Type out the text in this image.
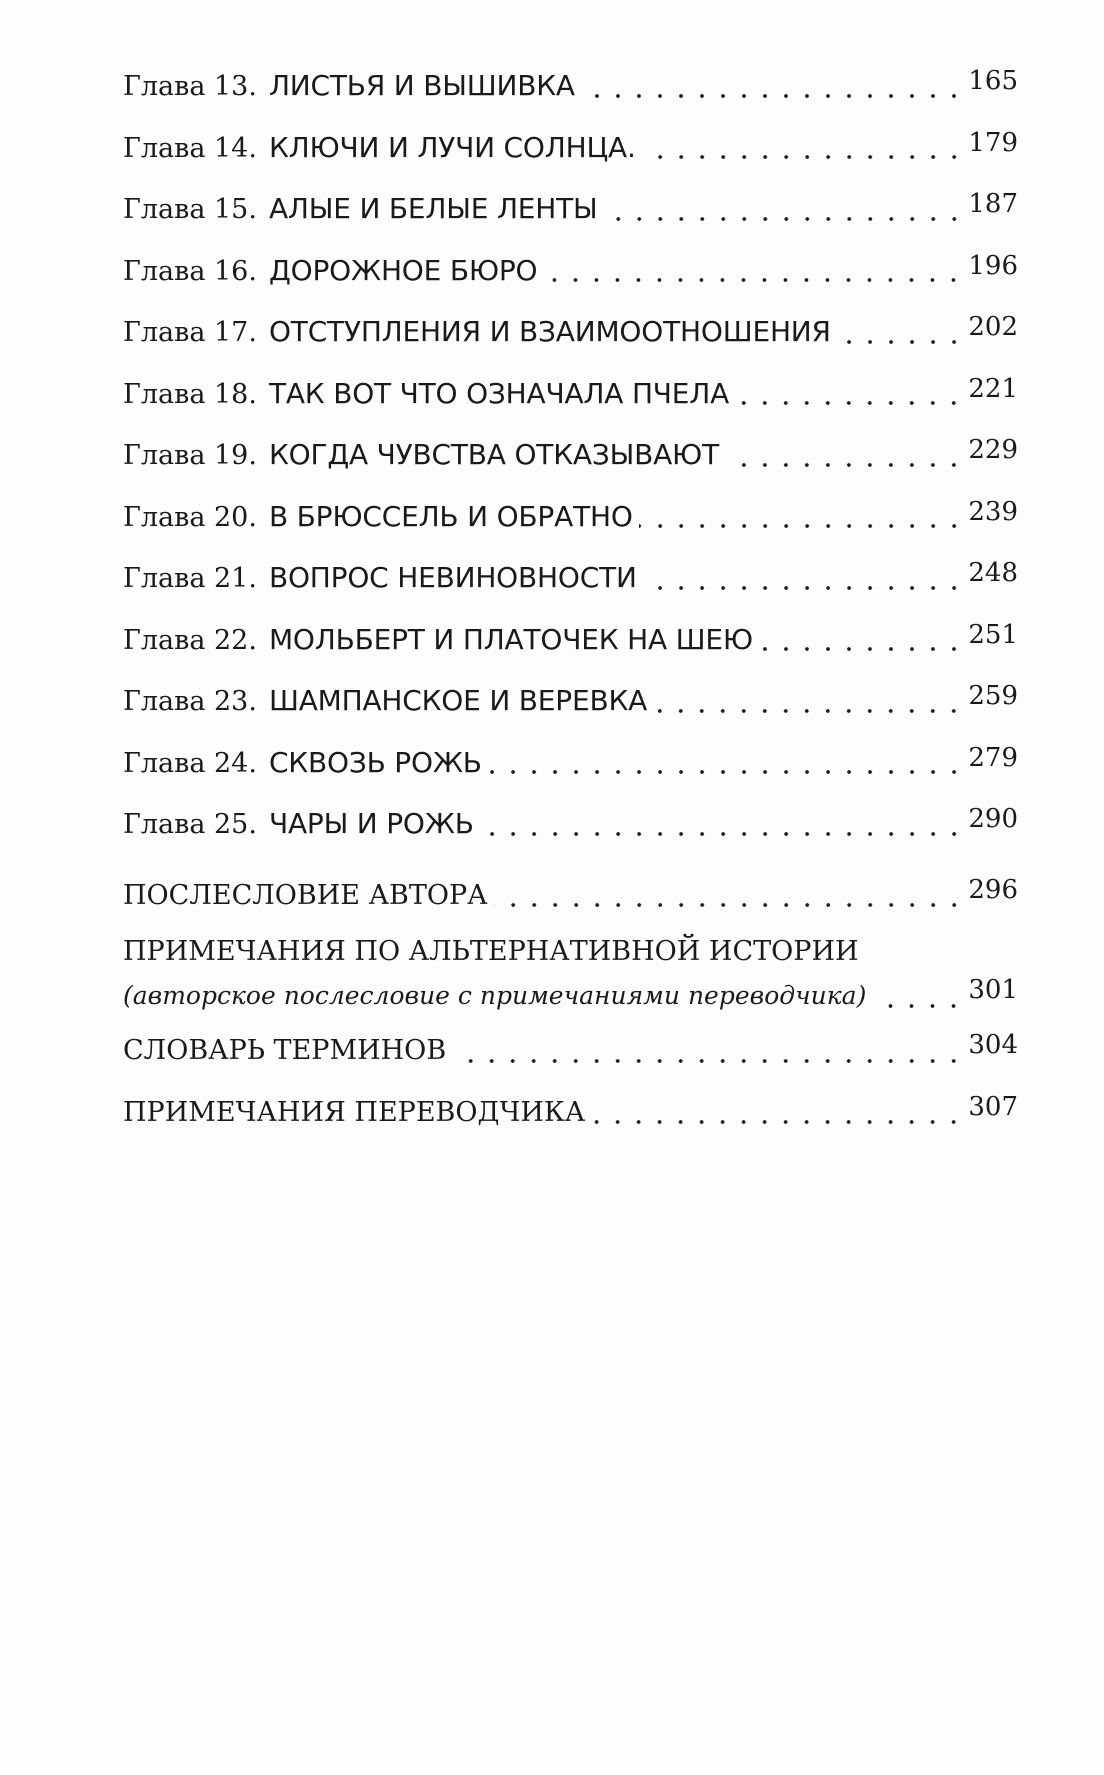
Глава 13. ЛИСТЬЯ И ВЫШИВКА	165
Глава 14. КЛЮЧИ И ЛУЧИ СОЛНЦА.	179
Глава 15. АЛЫЕ И БЕЛЫЕ ЛЕНТЫ	187
Глава 16. ДОРОЖНОЕ БЮРО	196
Глава 17. ОТСТУПЛЕНИЯ И ВЗАИМООТНОШЕНИЯ	202
Глава 18. ТАК ВОТ ЧТО ОЗНАЧАЛА ПЧЕЛА	221
Глава 19. КОГДА ЧУВСТВА ОТКАЗЫВАЮТ	229
Глава 20. В БРЮССЕЛЬ И ОБРАТНО	239
Глава 21. ВОПРОС НЕВИНОВНОСТИ	248
Глава 22. МОЛЬБЕРТ И ПЛАТОЧЕК НА ШЕЮ	251
Глава 23. ШАМПАНСКОЕ И ВЕРЕВКА	259
Глава 24. СКВОЗЬ РОЖЬ	279
Глава 25. ЧАРЫ И РОЖЬ	290
ПОСЛЕСЛОВИЕ АВТОРА	296
ПРИМЕЧАНИЯ ПО АЛЬТЕРНАТИВНОЙ ИСТОРИИ
(авторское послесловие с примечаниями переводчика)	301
СЛОВАРЬ ТЕРМИНОВ	304
ПРИМЕЧАНИЯ ПЕРЕВОДЧИКА	307
